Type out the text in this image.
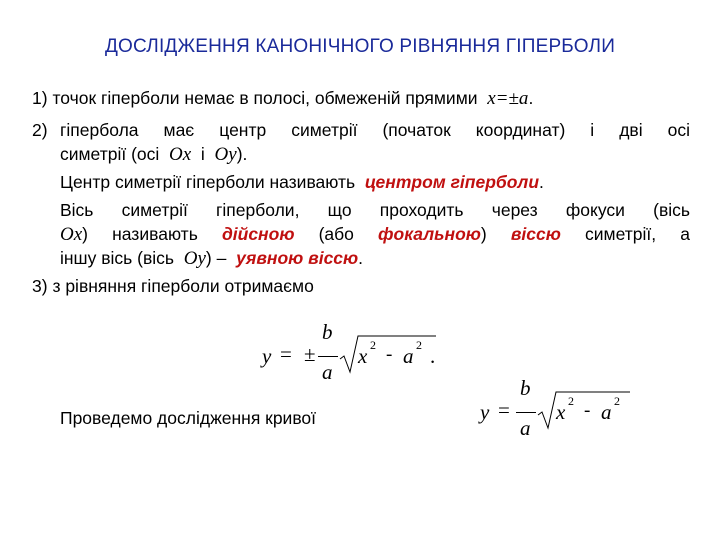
ДОСЛІДЖЕННЯ КАНОНІЧНОГО РІВНЯННЯ ГІПЕРБОЛИ
1) точок гіперболи немає в полосі, обмеженій прямими x=±a.
2) гіпербола має центр симетрії (початок координат) і дві осі
симетрії (осі Ox і Oy).
Центр симетрії гіперболи називають центром гіперболи.
Вісь симетрії гіперболи, що проходить через фокуси (вісь
Ox) називають дійсною (або фокальною) віссю симетрії, а
іншу вісь (вісь Oy) – уявною віссю.
3) з рівняння гіперболи отримаємо
y = ±
b
a
x 2 - a 2 .
Проведемо дослідження кривої	y =
b
a
x 2 - a 2
